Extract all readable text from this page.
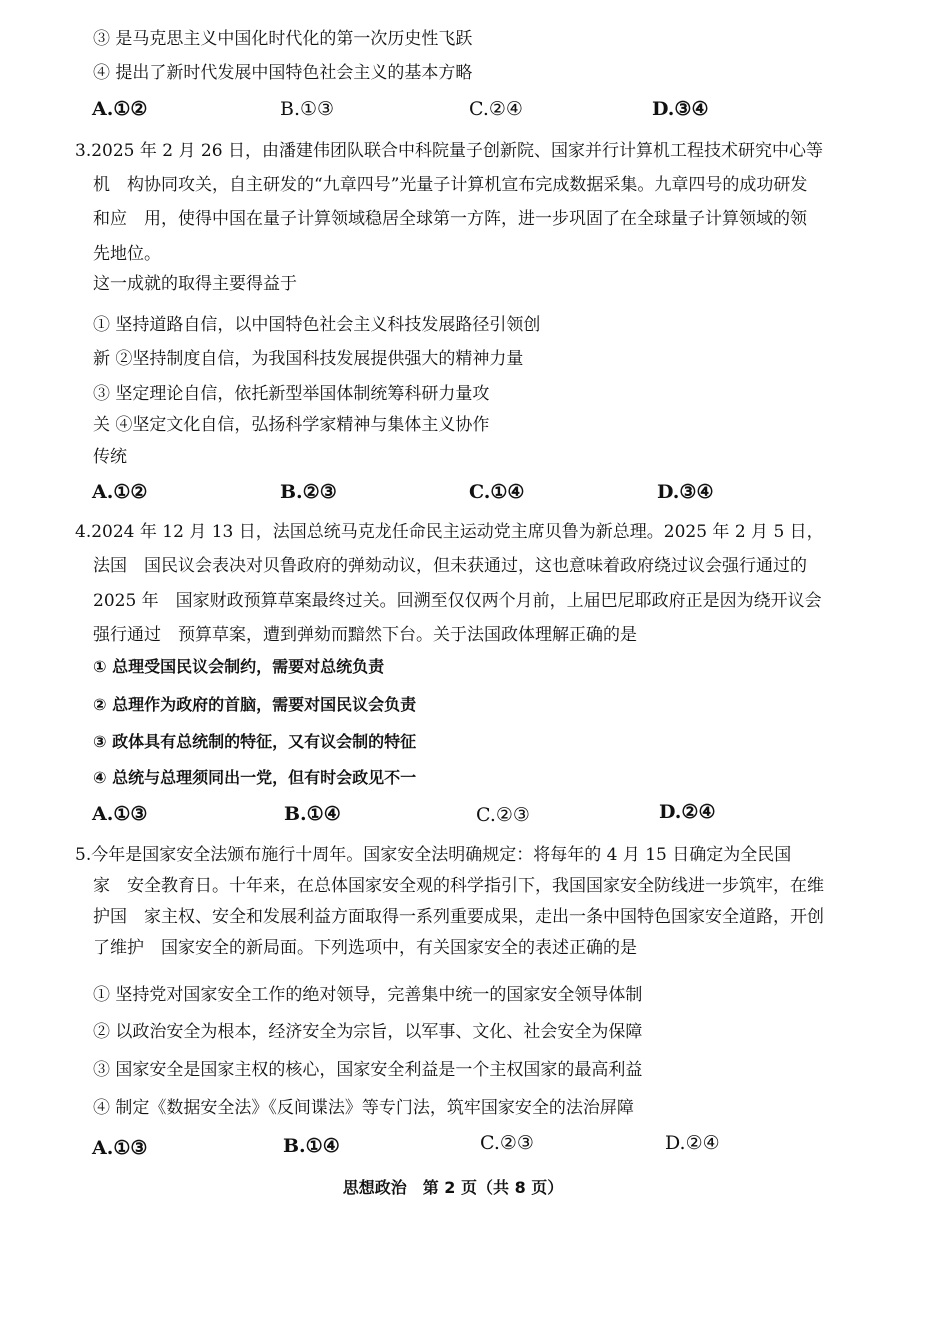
③ 是马克思主义中国化时代化的第一次历史性飞跃
④ 提出了新时代发展中国特色社会主义的基本方略
A.①②	B.①③	C.②④	D.③④
3.2025 年 2 月 26 日，由潘建伟团队联合中科院量子创新院、国家并行计算机工程技术研究中心等
机　构协同攻关，自主研发的“九章四号”光量子计算机宣布完成数据采集。九章四号的成功研发
和应　用，使得中国在量子计算领域稳居全球第一方阵，进一步巩固了在全球量子计算领域的领
先地位。
这一成就的取得主要得益于
① 坚持道路自信，以中国特色社会主义科技发展路径引领创
新 ②坚持制度自信，为我国科技发展提供强大的精神力量
③ 坚定理论自信，依托新型举国体制统筹科研力量攻
关 ④坚定文化自信，弘扬科学家精神与集体主义协作
传统
A.①②	B.②③	C.①④	D.③④
4.2024 年 12 月 13 日，法国总统马克龙任命民主运动党主席贝鲁为新总理。2025 年 2 月 5 日，
法国　国民议会表决对贝鲁政府的弹劾动议，但未获通过，这也意味着政府绕过议会强行通过的
2025 年　国家财政预算草案最终过关。回溯至仅仅两个月前，上届巴尼耶政府正是因为绕开议会
强行通过　预算草案，遭到弹劾而黯然下台。关于法国政体理解正确的是
① 总理受国民议会制约，需要对总统负责
② 总理作为政府的首脑，需要对国民议会负责
③ 政体具有总统制的特征，又有议会制的特征
④ 总统与总理须同出一党，但有时会政见不一
A.①③	B.①④	C.②③	D.②④
5.今年是国家安全法颁布施行十周年。国家安全法明确规定：将每年的 4 月 15 日确定为全民国
家　安全教育日。十年来，在总体国家安全观的科学指引下，我国国家安全防线进一步筑牢，在维
护国　家主权、安全和发展利益方面取得一系列重要成果，走出一条中国特色国家安全道路，开创
了维护　国家安全的新局面。下列选项中，有关国家安全的表述正确的是
① 坚持党对国家安全工作的绝对领导，完善集中统一的国家安全领导体制
② 以政治安全为根本，经济安全为宗旨，以军事、文化、社会安全为保障
③ 国家安全是国家主权的核心，国家安全利益是一个主权国家的最高利益
④ 制定《数据安全法》《反间谍法》等专门法，筑牢国家安全的法治屏障
A.①③	B.①④	C.②③	D.②④
思想政治　第 2 页（共 8 页）
